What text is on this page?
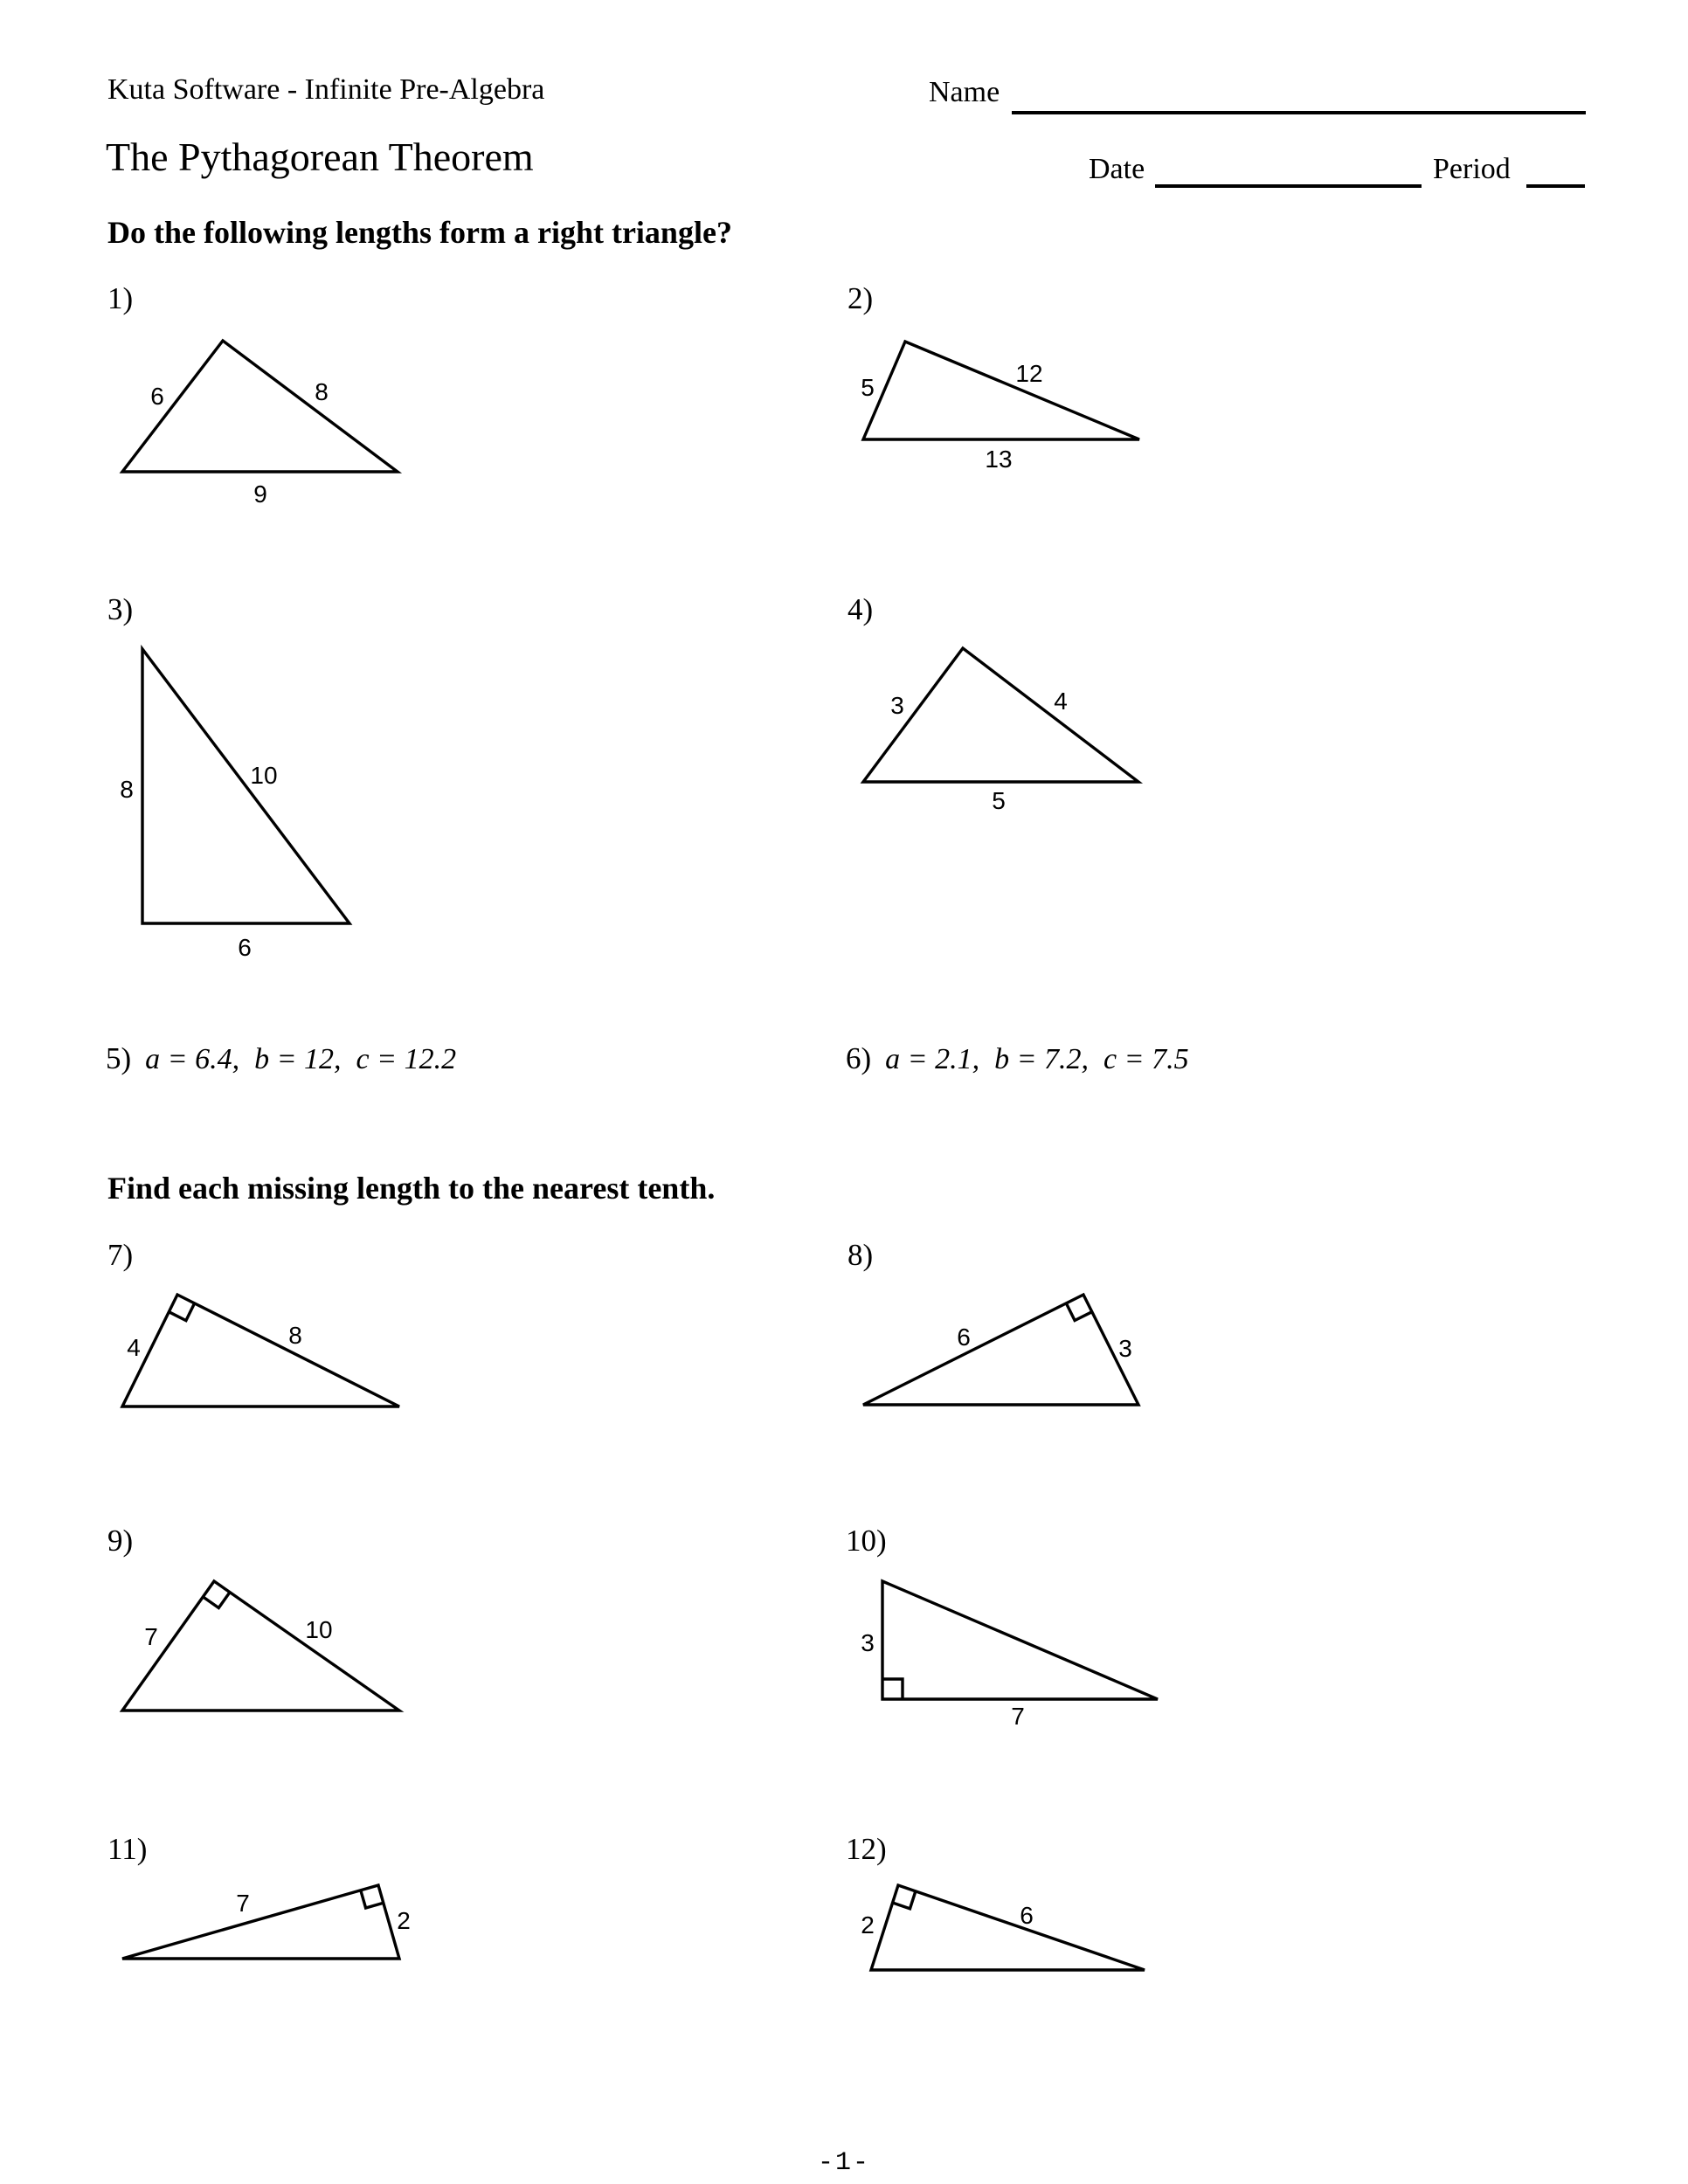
Kuta Software - Infinite Pre-Algebra	Name
The Pythagorean Theorem	Date	Period
Do the following lengths form a right triangle?
1)	2)
3)	4)
5) a = 6.4,  b = 12,  c = 12.2	6) a = 2.1,  b = 7.2,  c = 7.5
Find each missing length to the nearest tenth.
7)	8)
9)	10)
11)	12)
6	8
9
5
12
13
8
10
6
3	4
5
4	8	6	3
7	10	3
7
7
2	2	6
-1-
